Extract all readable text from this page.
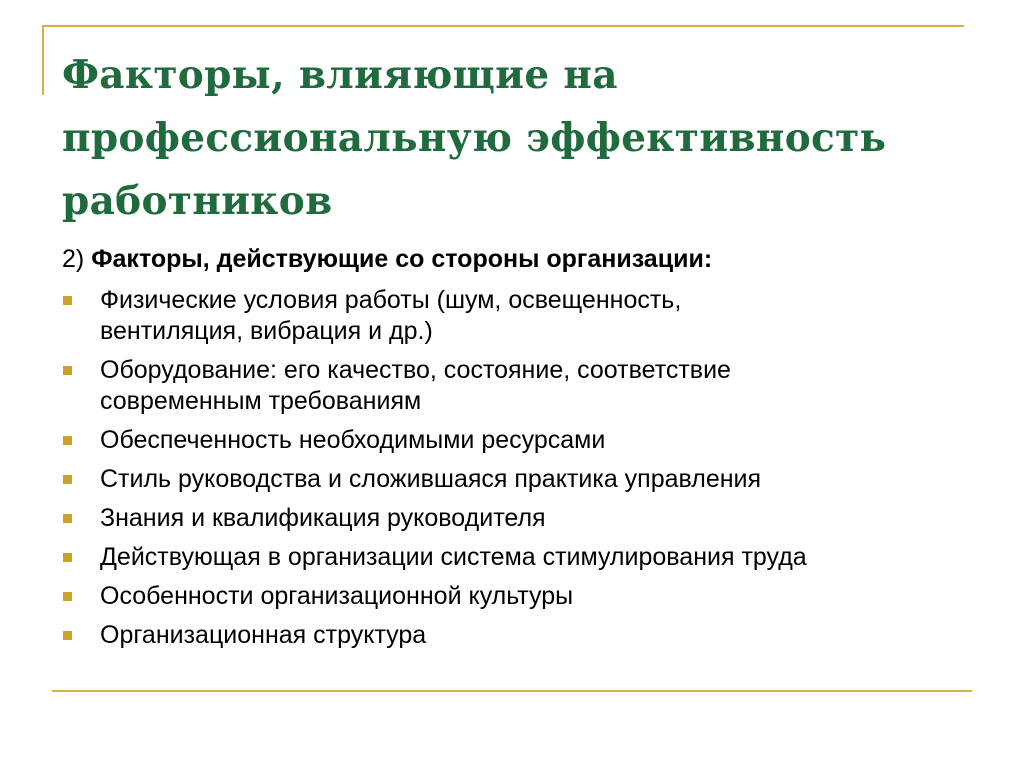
Факторы, влияющие на
профессиональную эффективность
работников

2) Факторы, действующие со стороны организации:

Физические условия работы (шум, освещенность,
вентиляция, вибрация и др.)
Оборудование: его качество, состояние, соответствие
современным требованиям
Обеспеченность необходимыми ресурсами
Стиль руководства и сложившаяся практика управления
Знания и квалификация руководителя
Действующая в организации система стимулирования труда
Особенности организационной культуры
Организационная структура
